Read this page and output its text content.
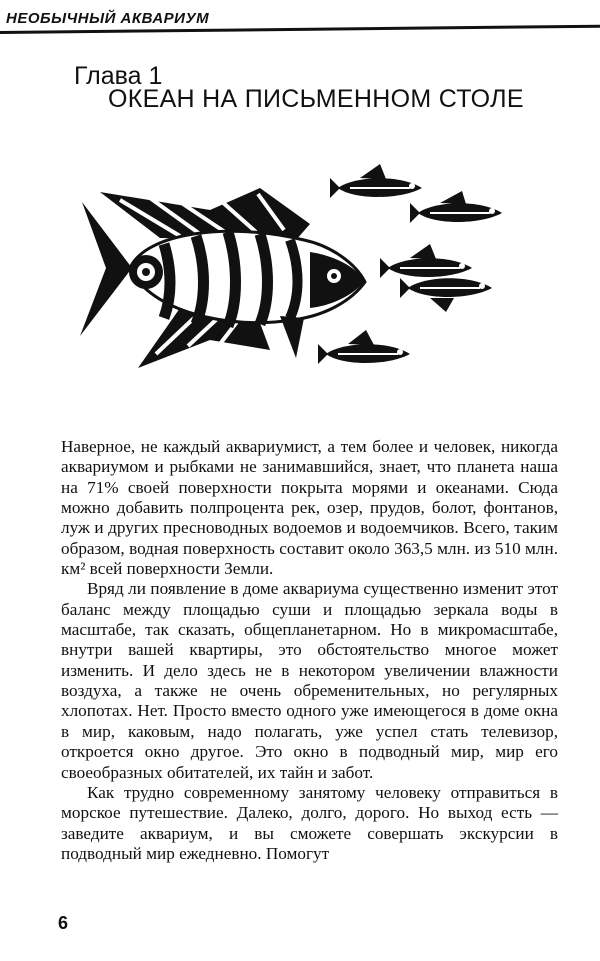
НЕОБЫЧНЫЙ АКВАРИУМ
Глава 1
ОКЕАН НА ПИСЬМЕННОМ СТОЛЕ

Наверное, не каждый аквариумист, а тем более и человек, никогда аквариумом и рыбками не занимавшийся, знает, что планета наша на 71% своей поверхности покрыта морями и океанами. Сюда можно добавить полпроцента рек, озер, прудов, болот, фонтанов, луж и других пресноводных водоемов и водоемчиков. Всего, таким образом, водная поверхность составит около 363,5 млн. из 510 млн. км² всей поверхности Земли.

Вряд ли появление в доме аквариума существенно изменит этот баланс между площадью суши и площадью зеркала воды в масштабе, так сказать, общепланетарном. Но в микромасштабе, внутри вашей квартиры, это обстоятельство многое может изменить. И дело здесь не в некотором увеличении влажности воздуха, а также не очень обременительных, но регулярных хлопотах. Нет. Просто вместо одного уже имеющегося в доме окна в мир, каковым, надо полагать, уже успел стать телевизор, откроется окно другое. Это окно в подводный мир, мир его своеобразных обитателей, их тайн и забот.

Как трудно современному занятому человеку отправиться в морское путешествие. Далеко, долго, дорого. Но выход есть — заведите аквариум, и вы сможете совершать экскурсии в подводный мир ежедневно. Помогут

6
